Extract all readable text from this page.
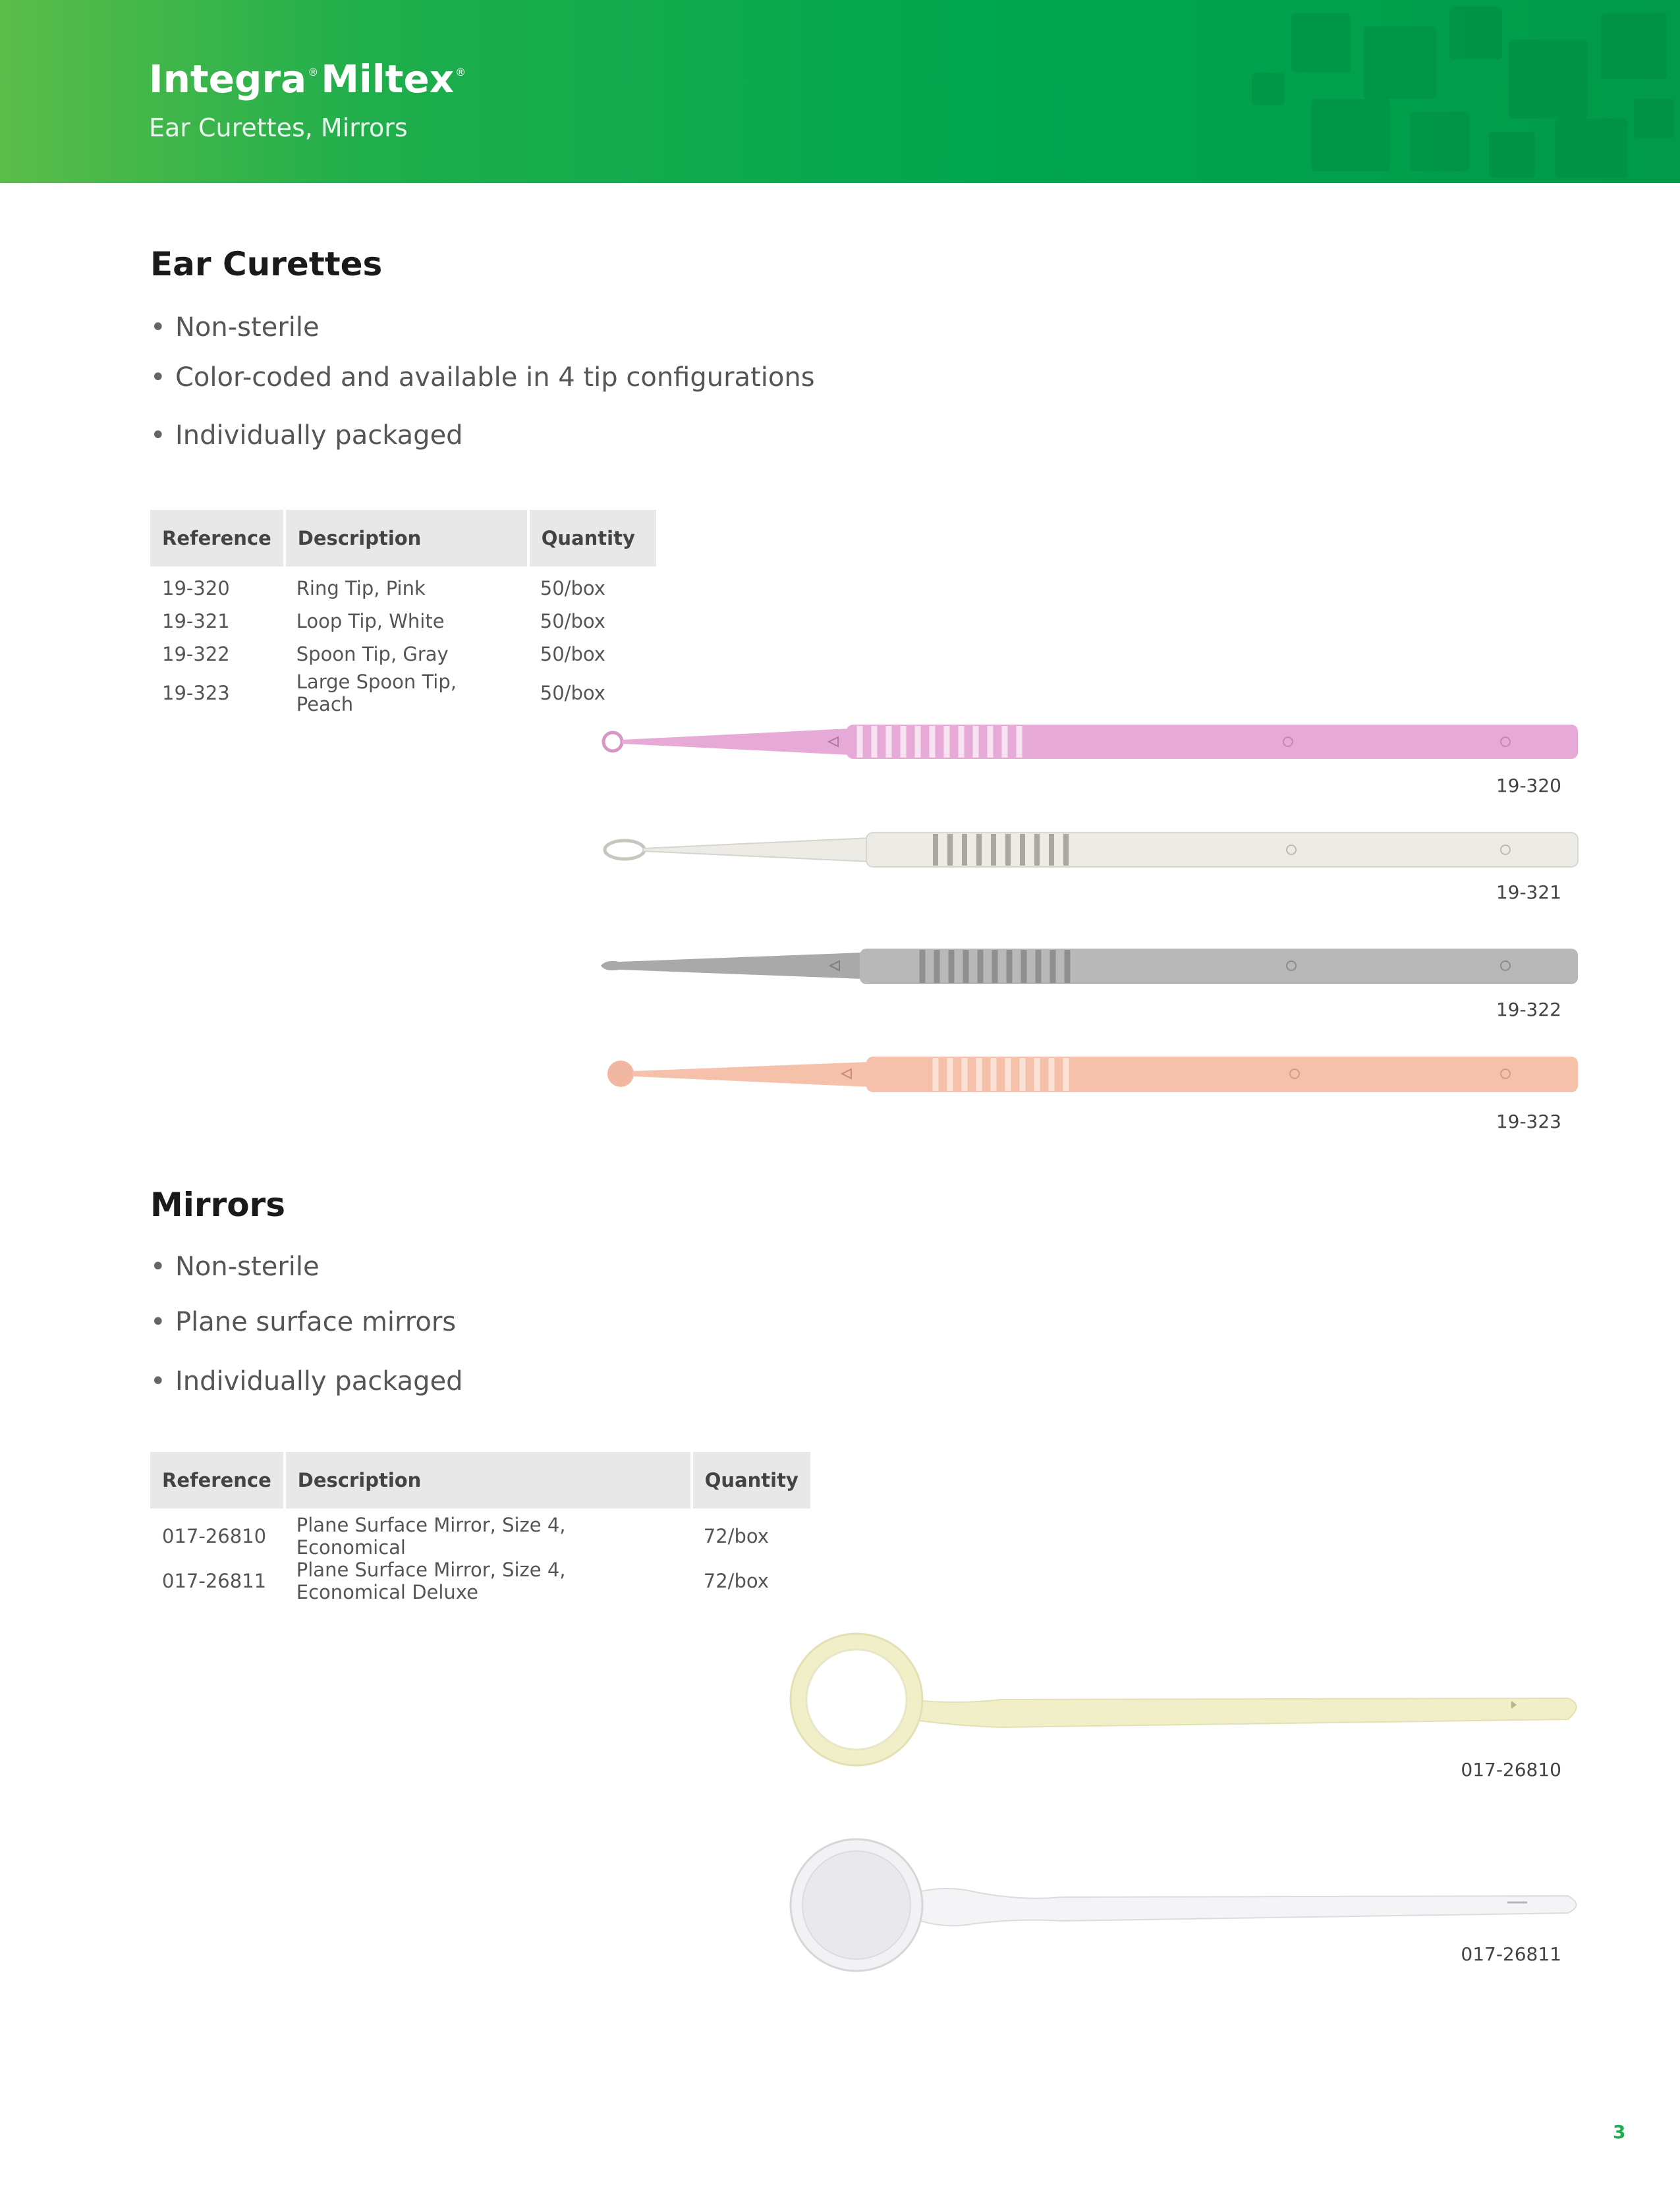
Integra ®Miltex ®
Ear Curettes, Mirrors
Ear Curettes
• Non-sterile
• Color-coded and available in 4 tip configurations
• Individually packaged
Reference	Description	Quantity
19-320	Ring Tip, Pink	50/box
19-321	Loop Tip, White	50/box
19-322	Spoon Tip, Gray	50/box
19-323	Large Spoon Tip, Peach	50/box
19-320
19-321
19-322
19-323
Mirrors
• Non-sterile
• Plane surface mirrors
• Individually packaged
Reference	Description	Quantity
017-26810	Plane Surface Mirror, Size 4, Economical	72/box
017-26811	Plane Surface Mirror, Size 4, Economical Deluxe	72/box
017-26810
017-26811
3
